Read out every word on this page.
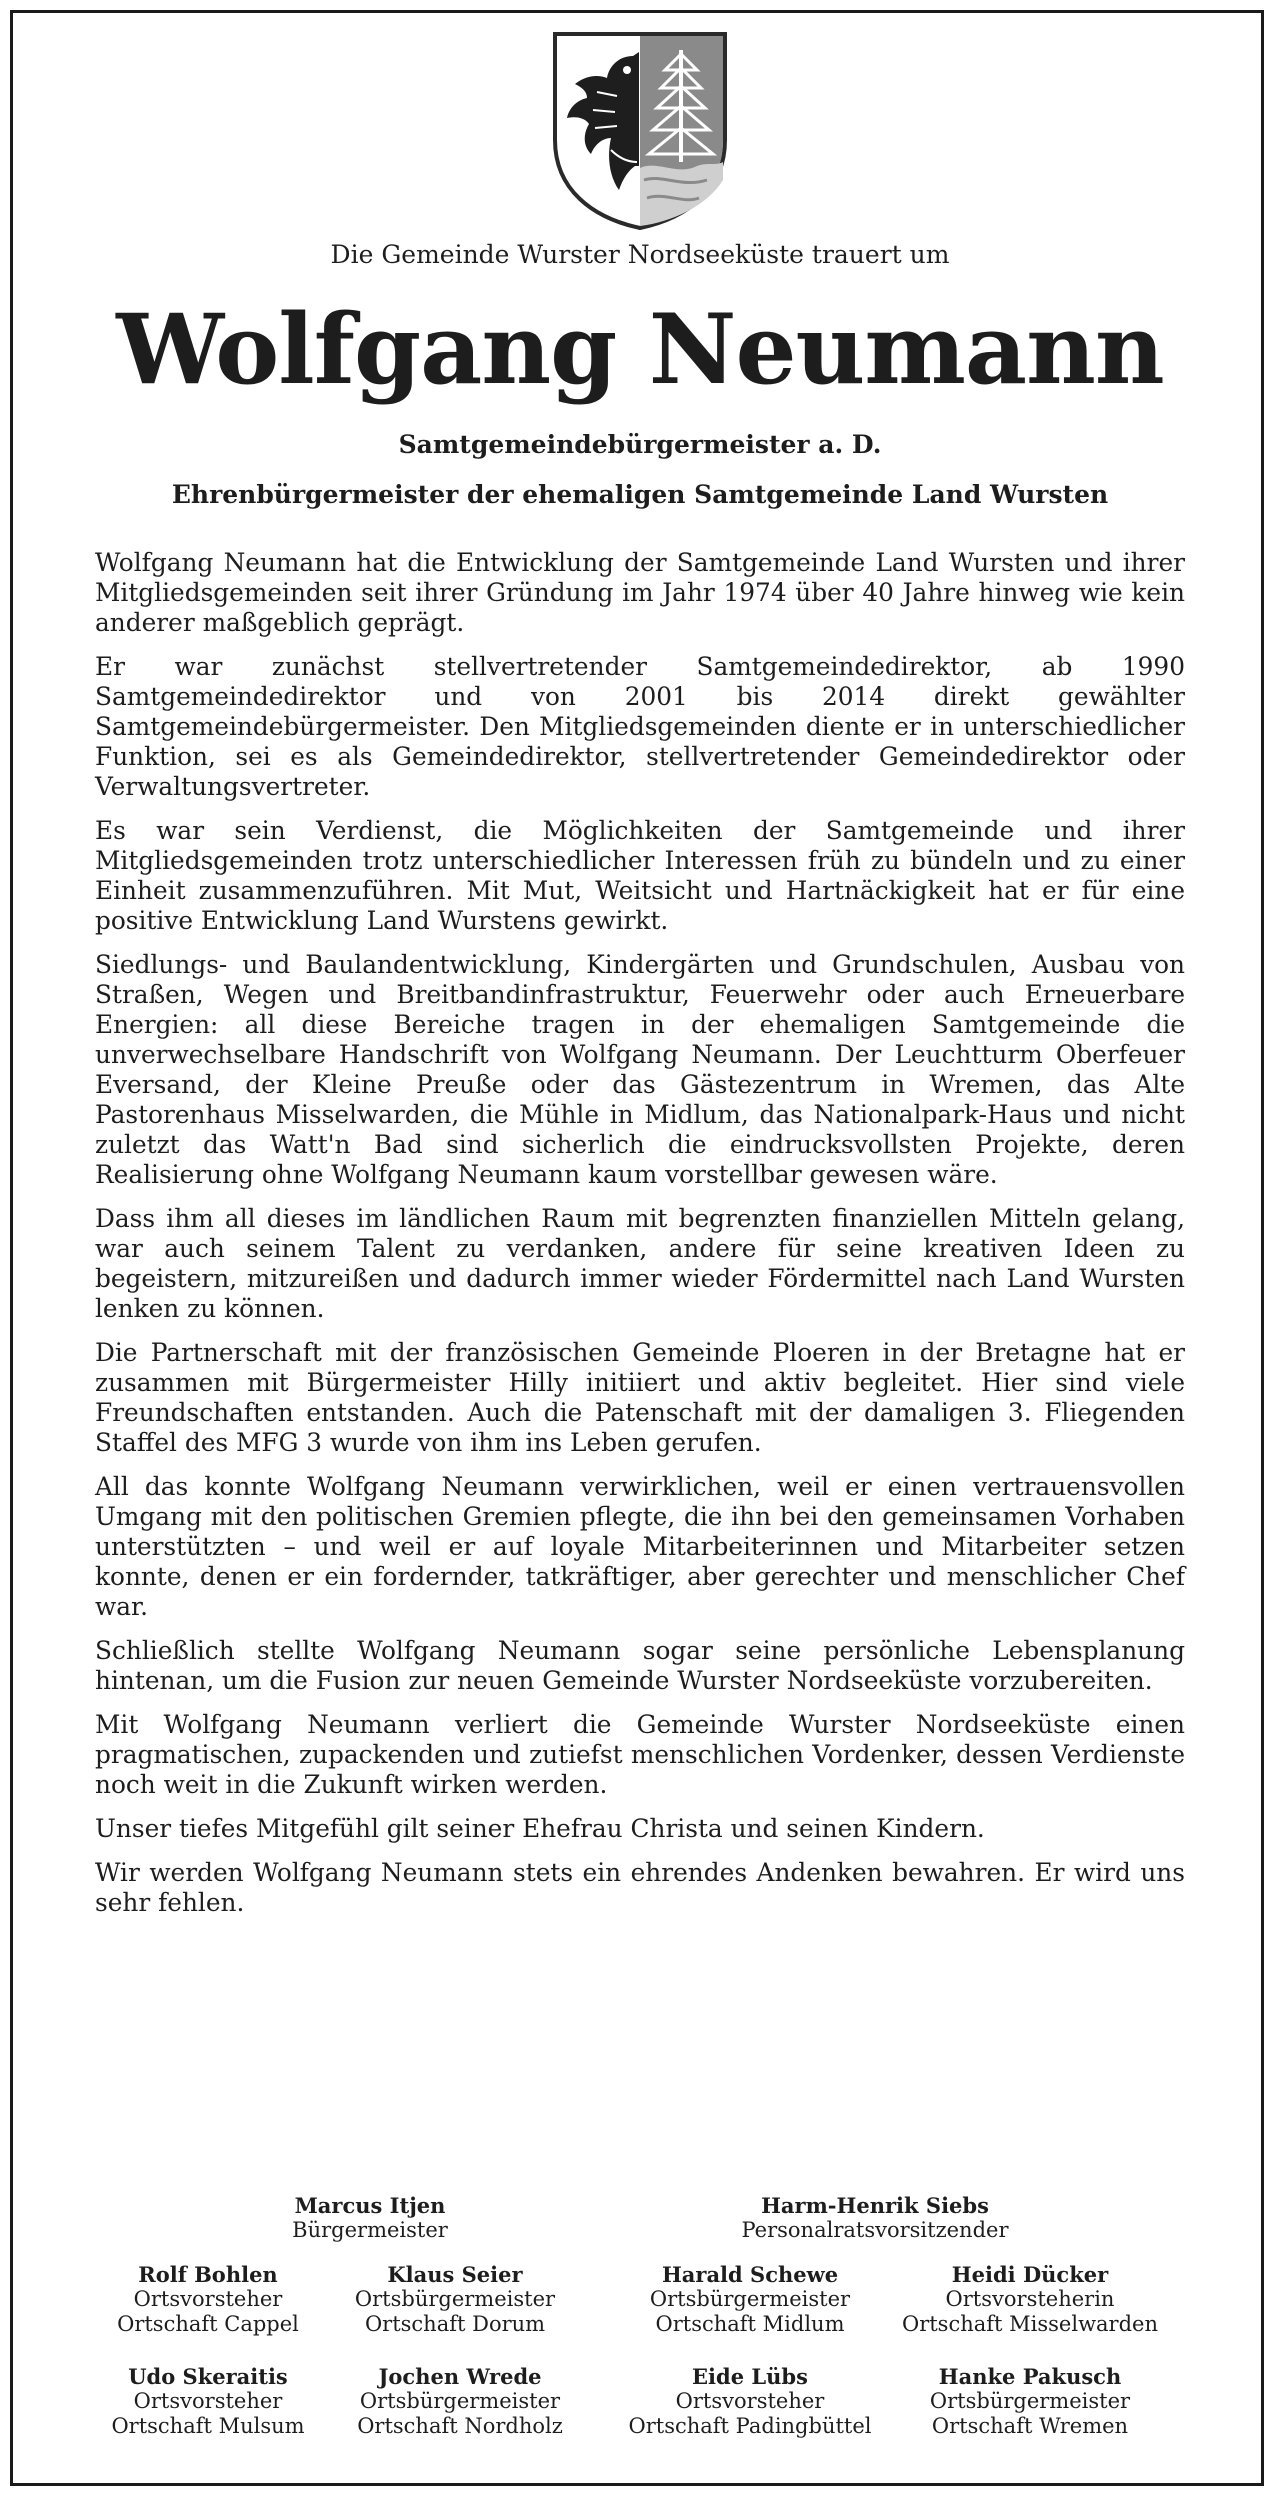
Die Gemeinde Wurster Nordseeküste trauert um
Wolfgang Neumann
Samtgemeindebürgermeister a. D.
Ehrenbürgermeister der ehemaligen Samtgemeinde Land Wursten

Wolfgang Neumann hat die Entwicklung der Samtgemeinde Land Wursten und ihrer Mitgliedsgemeinden seit ihrer Gründung im Jahr 1974 über 40 Jahre hinweg wie kein anderer maßgeblich geprägt.

Er war zunächst stellvertretender Samtgemeindedirektor, ab 1990 Samtgemeindedirektor und von 2001 bis 2014 direkt gewählter Samtgemeindebürgermeister. Den Mitgliedsgemeinden diente er in unterschiedlicher Funktion, sei es als Gemeindedirektor, stellvertretender Gemeindedirektor oder Verwaltungsvertreter.

Es war sein Verdienst, die Möglichkeiten der Samtgemeinde und ihrer Mitgliedsgemeinden trotz unterschiedlicher Interessen früh zu bündeln und zu einer Einheit zusammenzuführen. Mit Mut, Weitsicht und Hartnäckigkeit hat er für eine positive Entwicklung Land Wurstens gewirkt.

Siedlungs- und Baulandentwicklung, Kindergärten und Grundschulen, Ausbau von Straßen, Wegen und Breitbandinfrastruktur, Feuerwehr oder auch Erneuerbare Energien: all diese Bereiche tragen in der ehemaligen Samtgemeinde die unverwechselbare Handschrift von Wolfgang Neumann. Der Leuchtturm Oberfeuer Eversand, der Kleine Preuße oder das Gästezentrum in Wremen, das Alte Pastorenhaus Misselwarden, die Mühle in Midlum, das Nationalpark-Haus und nicht zuletzt das Watt'n Bad sind sicherlich die eindrucksvollsten Projekte, deren Realisierung ohne Wolfgang Neumann kaum vorstellbar gewesen wäre.

Dass ihm all dieses im ländlichen Raum mit begrenzten finanziellen Mitteln gelang, war auch seinem Talent zu verdanken, andere für seine kreativen Ideen zu begeistern, mitzureißen und dadurch immer wieder Fördermittel nach Land Wursten lenken zu können.

Die Partnerschaft mit der französischen Gemeinde Ploeren in der Bretagne hat er zusammen mit Bürgermeister Hilly initiiert und aktiv begleitet. Hier sind viele Freundschaften entstanden. Auch die Patenschaft mit der damaligen 3. Fliegenden Staffel des MFG 3 wurde von ihm ins Leben gerufen.

All das konnte Wolfgang Neumann verwirklichen, weil er einen vertrauensvollen Umgang mit den politischen Gremien pflegte, die ihn bei den gemeinsamen Vorhaben unterstützten – und weil er auf loyale Mitarbeiterinnen und Mitarbeiter setzen konnte, denen er ein fordernder, tatkräftiger, aber gerechter und menschlicher Chef war.

Schließlich stellte Wolfgang Neumann sogar seine persönliche Lebensplanung hintenan, um die Fusion zur neuen Gemeinde Wurster Nordseeküste vorzubereiten.

Mit Wolfgang Neumann verliert die Gemeinde Wurster Nordseeküste einen pragmatischen, zupackenden und zutiefst menschlichen Vordenker, dessen Verdienste noch weit in die Zukunft wirken werden.

Unser tiefes Mitgefühl gilt seiner Ehefrau Christa und seinen Kindern.

Wir werden Wolfgang Neumann stets ein ehrendes Andenken bewahren. Er wird uns sehr fehlen.

Marcus Itjen
Bürgermeister
Harm-Henrik Siebs
Personalratsvorsitzender
Rolf Bohlen
Ortsvorsteher
Ortschaft Cappel
Klaus Seier
Ortsbürgermeister
Ortschaft Dorum
Harald Schewe
Ortsbürgermeister
Ortschaft Midlum
Heidi Dücker
Ortsvorsteherin
Ortschaft Misselwarden
Udo Skeraitis
Ortsvorsteher
Ortschaft Mulsum
Jochen Wrede
Ortsbürgermeister
Ortschaft Nordholz
Eide Lübs
Ortsvorsteher
Ortschaft Padingbüttel
Hanke Pakusch
Ortsbürgermeister
Ortschaft Wremen
